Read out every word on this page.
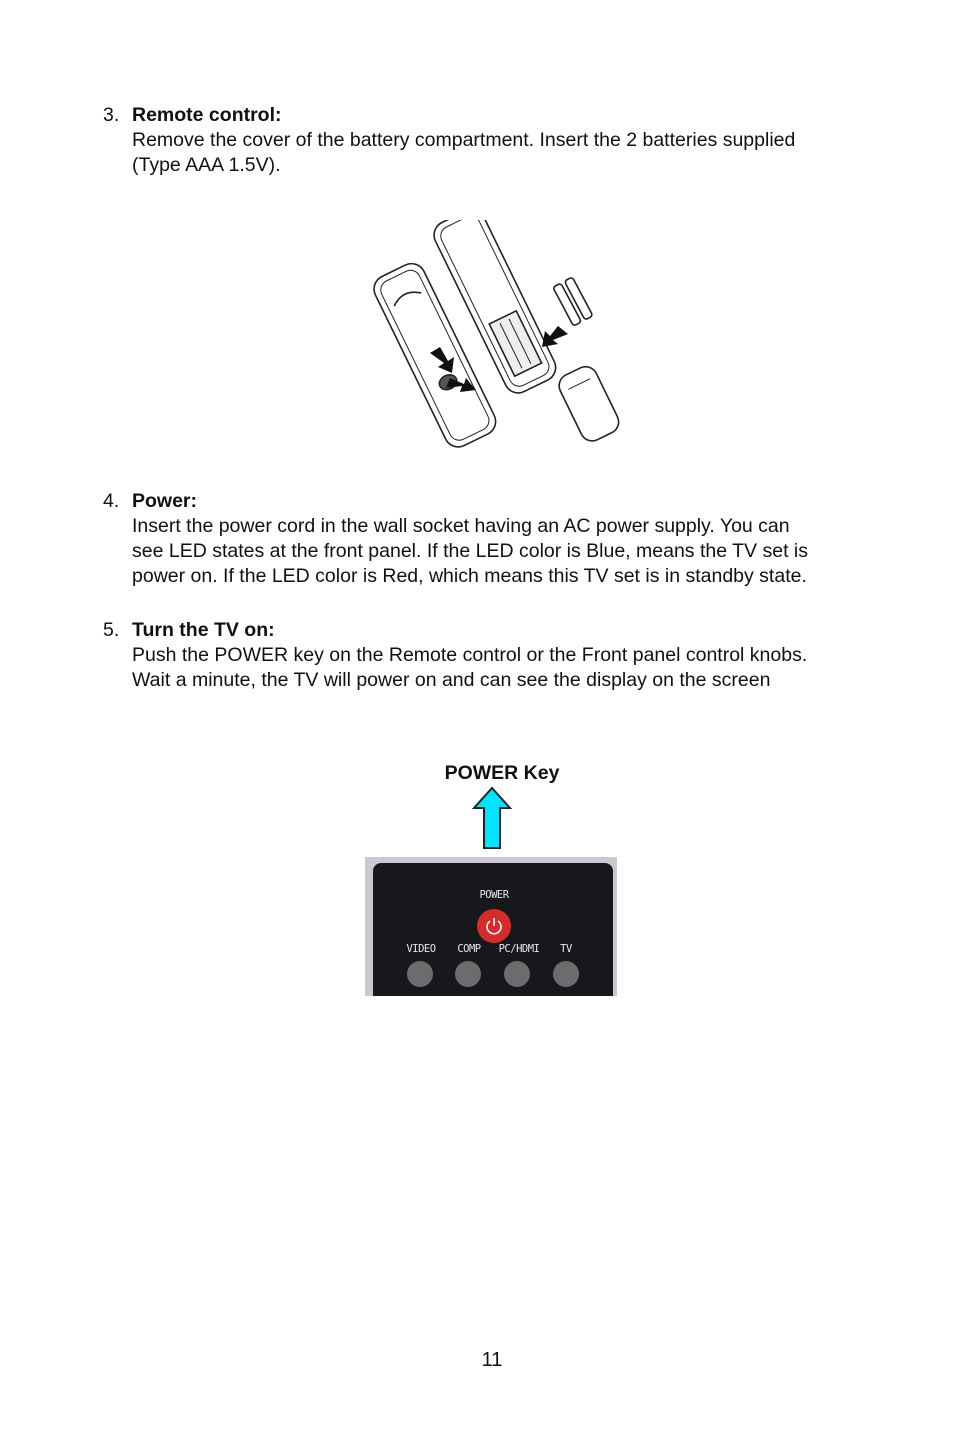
3. Remote control:
Remove the cover of the battery compartment. Insert the 2 batteries supplied
(Type AAA 1.5V).
4. Power:
Insert the power cord in the wall socket having an AC power supply. You can
see LED states at the front panel. If the LED color is Blue, means the TV set is
power on. If the LED color is Red, which means this TV set is in standby state.
5. Turn the TV on:
Push the POWER key on the Remote control or the Front panel control knobs.
Wait a minute, the TV will power on and can see the display on the screen
POWER Key
POWER
VIDEO	COMP	PC/HDMI	TV
11
